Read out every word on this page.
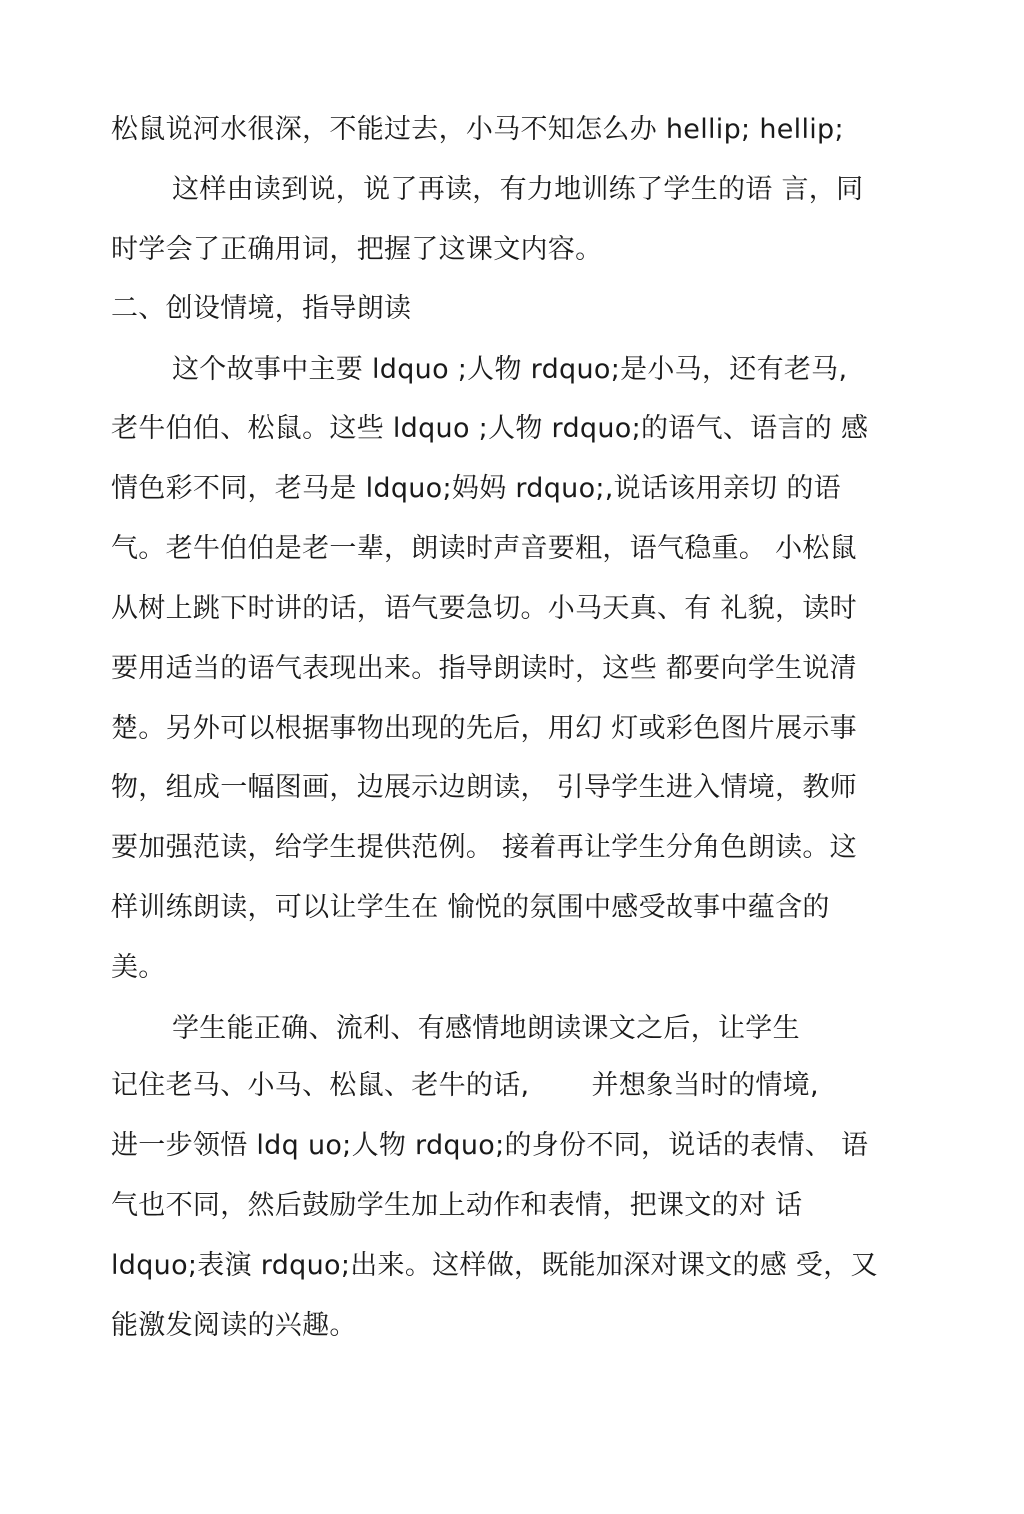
松鼠说河水很深，不能过去，小马不知怎么办 hellip; hellip;
这样由读到说，说了再读，有力地训练了学生的语 言，同
时学会了正确用词，把握了这课文内容。
二、创设情境，指导朗读
这个故事中主要 ldquo ;人物 rdquo;是小马，还有老马,
老牛伯伯、松鼠。这些 ldquo ;人物 rdquo;的语气、语言的 感
情色彩不同，老马是 ldquo;妈妈 rdquo;,说话该用亲切 的语
气。老牛伯伯是老一辈，朗读时声音要粗，语气稳重。 小松鼠
从树上跳下时讲的话，语气要急切。小马天真、有 礼貌，读时
要用适当的语气表现出来。指导朗读时，这些 都要向学生说清
楚。另外可以根据事物出现的先后，用幻 灯或彩色图片展示事
物，组成一幅图画，边展示边朗读， 引导学生进入情境，教师
要加强范读，给学生提供范例。 接着再让学生分角色朗读。这
样训练朗读，可以让学生在 愉悦的氛围中感受故事中蕴含的
美。
学生能正确、流利、有感情地朗读课文之后，让学生
记住老马、小马、松鼠、老牛的话,       并想象当时的情境,
进一步领悟 ldq uo;人物 rdquo;的身份不同，说话的表情、 语
气也不同，然后鼓励学生加上动作和表情，把课文的对 话
ldquo;表演 rdquo;出来。这样做，既能加深对课文的感 受，又
能激发阅读的兴趣。
